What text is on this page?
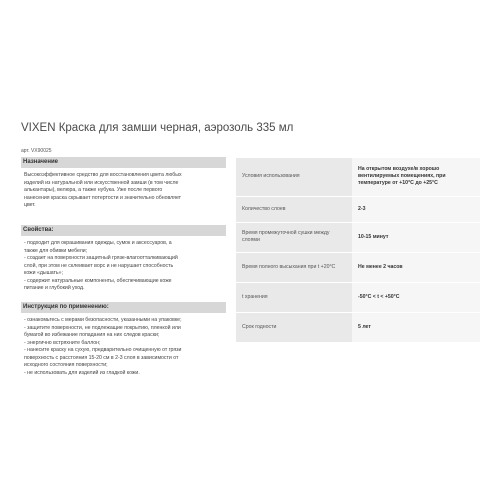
VIXEN Краска для замши черная, аэрозоль 335 мл
арт. VX90025
Назначение

Высокоэффективное средство для восстановления цвета любых

изделий из натуральной или искусственной замши (в том числе

алькантары), велюра, а также нубука. Уже после первого

нанесения краска скрывает потертости и значительно обновляет

цвет.

Свойства:

- подходит для окрашивания одежды, сумок и аксессуаров, а

также для обивки мебели;

- создает на поверхности защитный грязе-влагоотталкивающий

слой, при этом не склеивает ворс и не нарушает способность

кожи «дышать»;

- содержит натуральные компоненты, обеспечивающие коже

питание и глубокий уход.

Инструкция по применению:

- ознакомьтесь с мерами безопасности, указанными на упаковке;

- защитите поверхности, не подлежащие покрытию, пленкой или

бумагой во избежание попадания на них следов краски;

- энергично встряхните баллон;

- нанесите краску на сухую, предварительно очищенную от грязи

поверхность с расстояния 15-20 см в 2-3 слоя в зависимости от

исходного состояния поверхности;

- не использовать для изделий из гладкой кожи.

Условия использования	На открытом воздухе/в хорошо вентилируемых помещениях, при температуре от +10°С до +25°С
Количество слоев	2-3
Время промежуточной сушки между слоями	10-15 минут
Время полного высыхания при t +20°C	Не менее 2 часов
t хранения	-50°С < t < +50°С
Срок годности	5 лет
